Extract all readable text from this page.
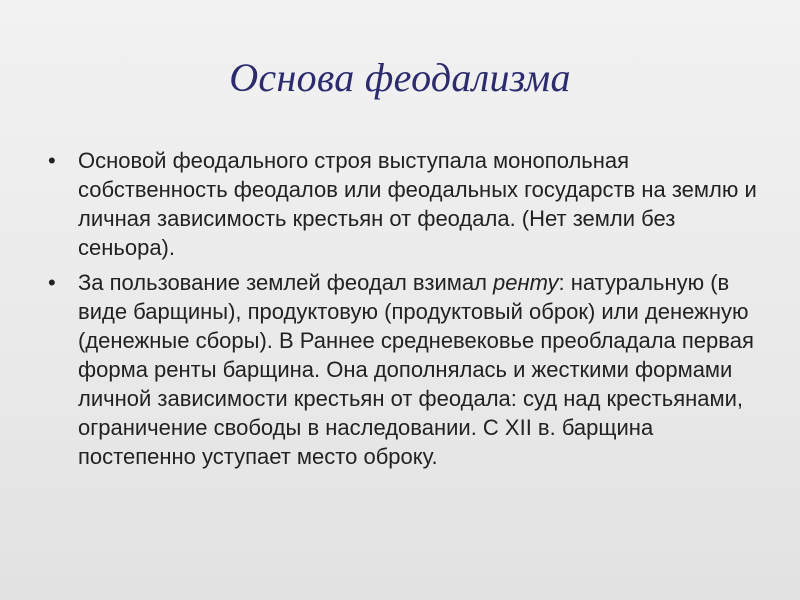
Основа феодализма
•	Основой феодального строя выступала монопольная собственность феодалов или феодальных государств на землю и личная зависимость крестьян от феодала. (Нет земли без сеньора).
•	За пользование землей феодал взимал ренту: натуральную (в виде барщины), продуктовую (продуктовый оброк) или денежную (денежные сборы). В Раннее средневековье преобладала первая форма ренты барщина. Она дополнялась и жесткими формами личной зависимости крестьян от феодала: суд над крестьянами, ограничение свободы в наследовании. С XII в. барщина постепенно уступает место оброку.
